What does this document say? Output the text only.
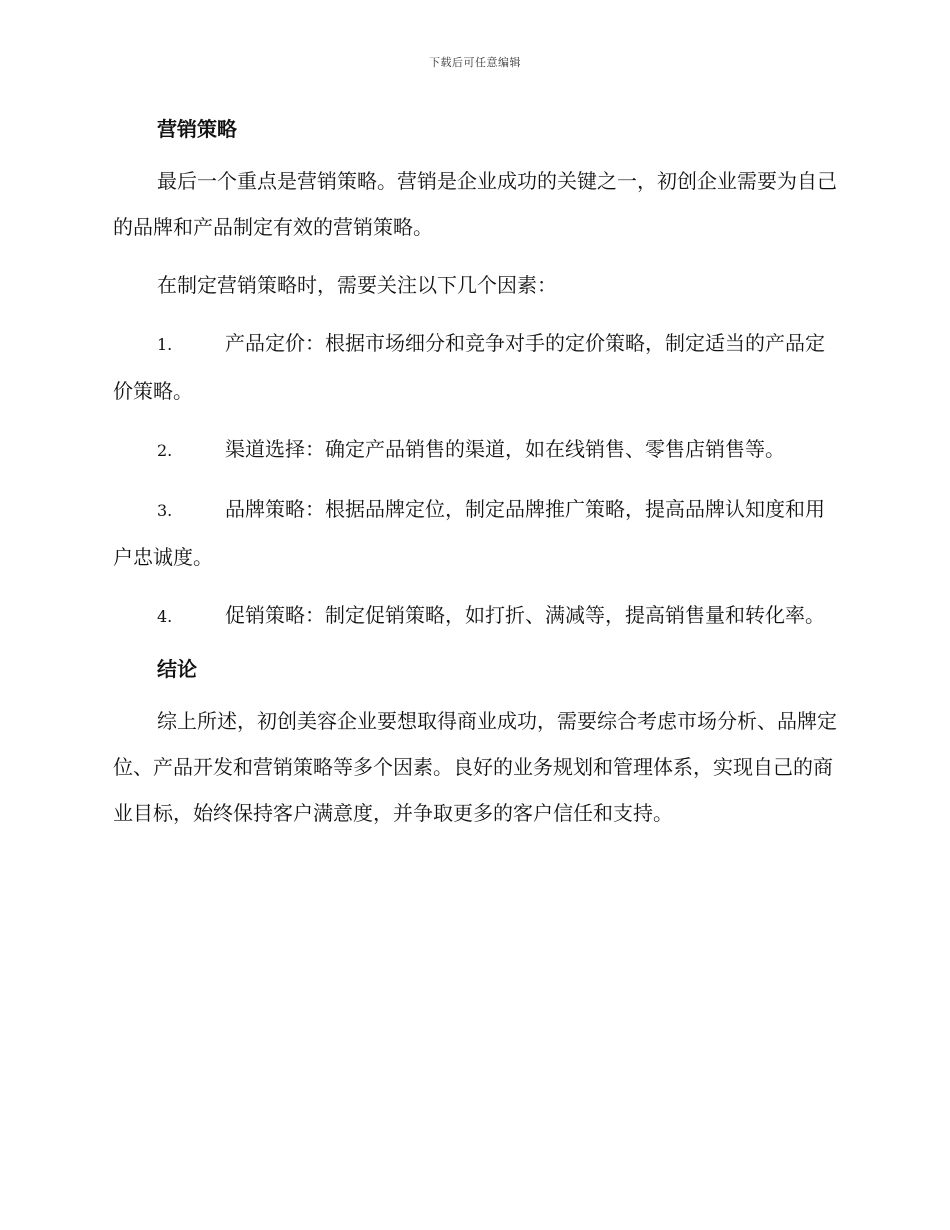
下载后可任意编辑
营销策略

最后一个重点是营销策略。营销是企业成功的关键之一，初创企业需要为自己的品牌和产品制定有效的营销策略。

在制定营销策略时，需要关注以下几个因素：

1.	产品定价：根据市场细分和竞争对手的定价策略，制定适当的产品定价策略。
2.	渠道选择：确定产品销售的渠道，如在线销售、零售店销售等。
3.	品牌策略：根据品牌定位，制定品牌推广策略，提高品牌认知度和用户忠诚度。
4.	促销策略：制定促销策略，如打折、满减等，提高销售量和转化率。
结论

综上所述，初创美容企业要想取得商业成功，需要综合考虑市场分析、品牌定位、产品开发和营销策略等多个因素。良好的业务规划和管理体系，实现自己的商业目标，始终保持客户满意度，并争取更多的客户信任和支持。
